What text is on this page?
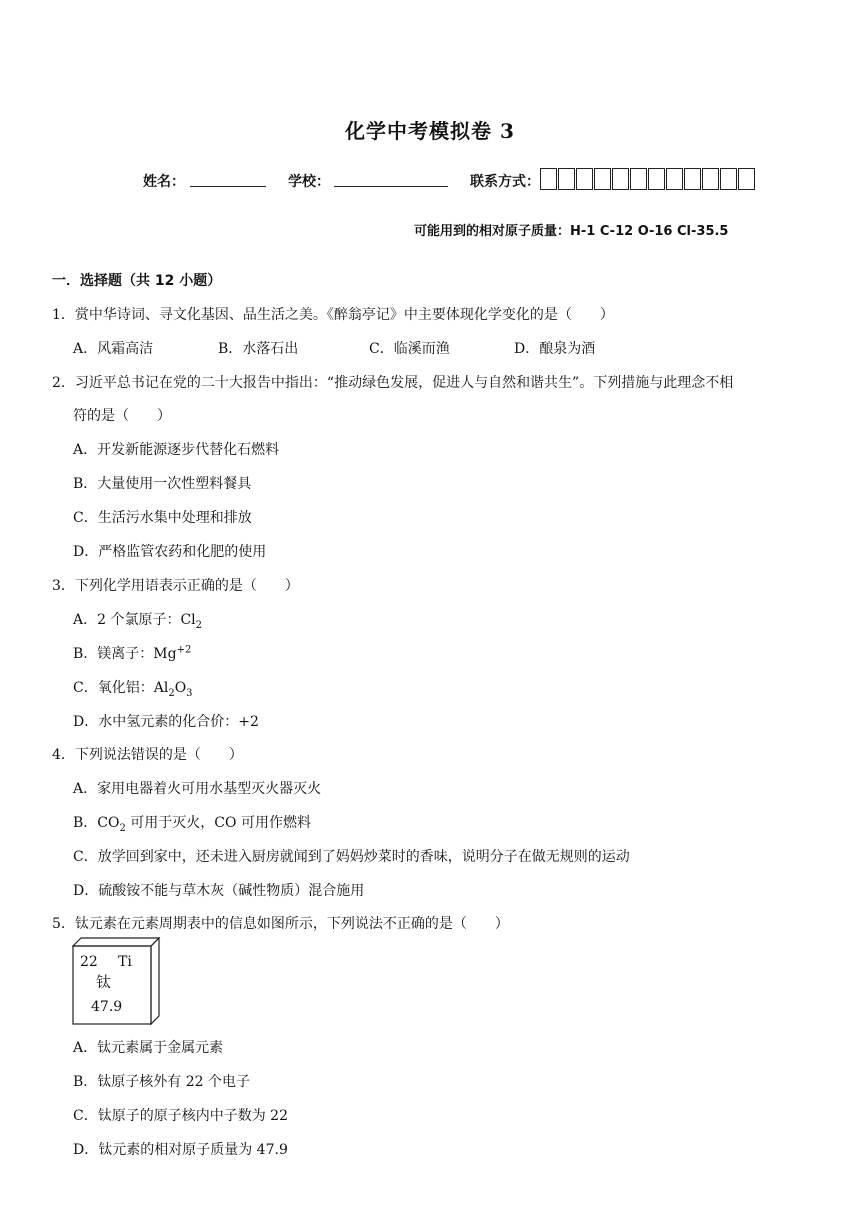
化学中考模拟卷 3
姓名：	学校：	联系方式：
可能用到的相对原子质量：H-1 C-12 O-16 Cl-35.5
一．选择题（共 12 小题）
1．赏中华诗词、寻文化基因、品生活之美。《醉翁亭记》中主要体现化学变化的是（　　）
A．风霜高洁	B．水落石出	C．临溪而渔	D．酿泉为酒
2．习近平总书记在党的二十大报告中指出：“推动绿色发展，促进人与自然和谐共生”。下列措施与此理念不相
符的是（　　）
A．开发新能源逐步代替化石燃料
B．大量使用一次性塑料餐具
C．生活污水集中处理和排放
D．严格监管农药和化肥的使用
3．下列化学用语表示正确的是（　　）
A．2 个氯原子：$Cl_2$
B．镁离子：$Mg^{+2}$
C．氧化铝：$Al_2O_3$
D．水中氢元素的化合价：+2
4．下列说法错误的是（　　）
A．家用电器着火可用水基型灭火器灭火
B．$CO_2$ 可用于灭火，CO 可用作燃料
C．放学回到家中，还未进入厨房就闻到了妈妈炒菜时的香味，说明分子在做无规则的运动
D．硫酸铵不能与草木灰（碱性物质）混合施用
5．钛元素在元素周期表中的信息如图所示，下列说法不正确的是（　　）
22 Ti
钛
47.9
A．钛元素属于金属元素
B．钛原子核外有 22 个电子
C．钛原子的原子核内中子数为 22
D．钛元素的相对原子质量为 47.9
